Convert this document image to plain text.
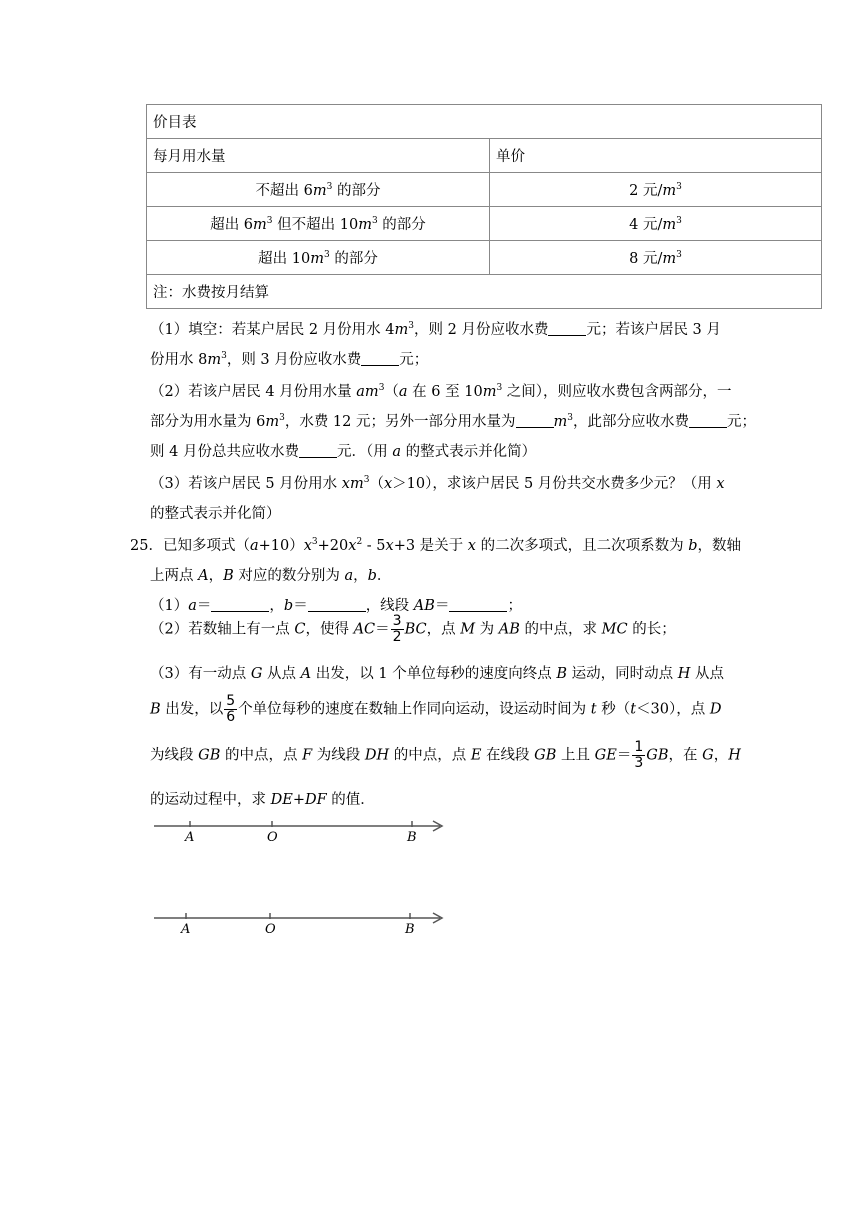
价目表	
每月用水量	单价
不超出 $6m^3$ 的部分	2 元$/m^3$
超出 $6m^3$ 但不超出 $10m^3$ 的部分	4 元$/m^3$
超出 $10m^3$ 的部分	8 元$/m^3$
注：水费按月结算	
（1）填空：若某户居民 2 月份用水 $4m^3$，则 2 月份应收水费	元；若该户居民 3 月
份用水 $8m^3$，则 3 月份应收水费	元；
（2）若该户居民 4 月份用水量 $am^3(a$ 在 6 至 $10m^3$ 之间），则应收水费包含两部分，一
部分为用水量为 $6m^3$，水费 12 元；另外一部分用水量为	$m^3$，此部分应收水费	元；
则 4 月份总共应收水费	元．（用 a 的整式表示并化简）
（3）若该户居民 5 月份用水 $xm^3(x>10)$，求该户居民 5 月份共交水费多少元？（用 x
的整式表示并化简）
25．已知多项式$(a+10)x^3+20x^2 - 5x+3$ 是关于 x 的二次多项式，且二次项系数为 b，数轴
上两点 A，B 对应的数分别为 a，b．
（1）a＝	，b＝	，线段 AB＝	；
（2）若数轴上有一点 C，使得 $AC= \frac{3}{2}$ BC，点 M 为 AB 的中点，求 MC 的长；
（3）有一动点 G 从点 A 出发，以 1 个单位每秒的速度向终点 B 运动，同时动点 H 从点
B 出发，以 $\frac{5}{6}$ 个单位每秒的速度在数轴上作同向运动，设运动时间为 t 秒（t＜30），点 D
为线段 GB 的中点，点 F 为线段 DH 的中点，点 E 在线段 GB 上且 $GE= \frac{1}{3}$ GB，在 G，H
的运动过程中，求 DE+DF 的值．
A	O	B
A	O	B
